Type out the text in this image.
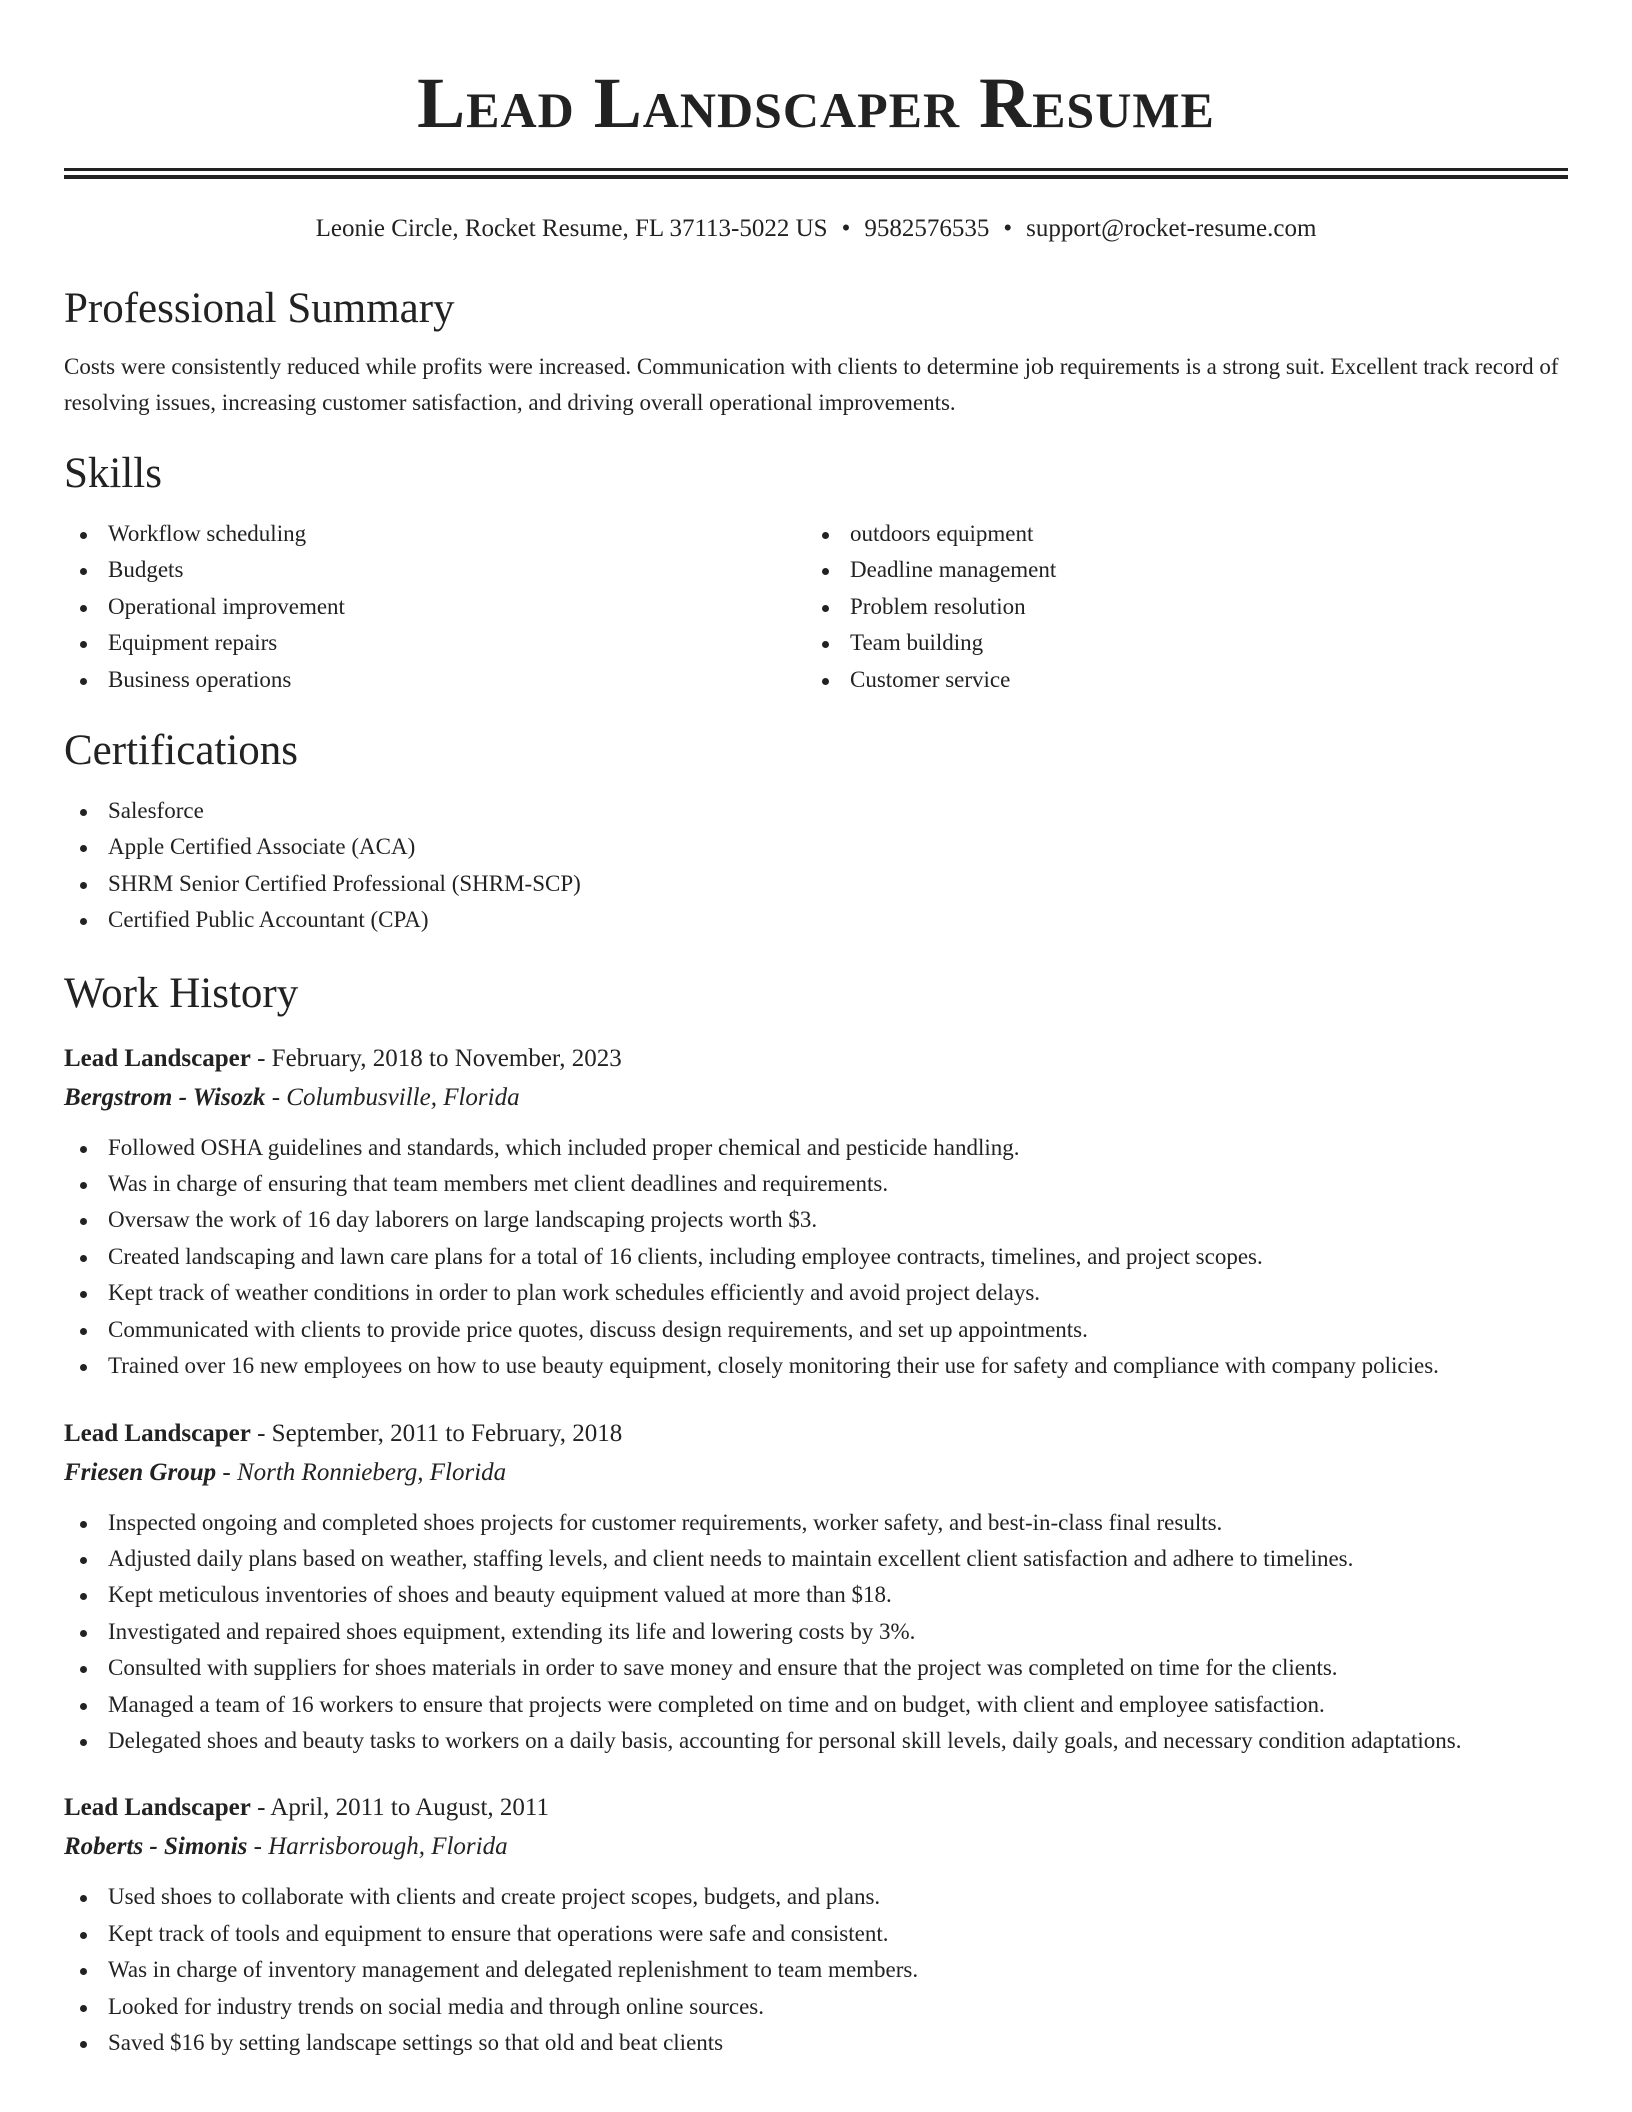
Lead Landscaper Resume
Leonie Circle, Rocket Resume, FL 37113-5022 US • 9582576535 • support@rocket-resume.com
Professional Summary

Costs were consistently reduced while profits were increased. Communication with clients to determine job requirements is a strong suit. Excellent track record of resolving issues, increasing customer satisfaction, and driving overall operational improvements.

Skills
Workflow scheduling
Budgets
Operational improvement
Equipment repairs
Business operations
outdoors equipment
Deadline management
Problem resolution
Team building
Customer service
Certifications
Salesforce
Apple Certified Associate (ACA)
SHRM Senior Certified Professional (SHRM-SCP)
Certified Public Accountant (CPA)
Work History
Lead Landscaper - February, 2018 to November, 2023
Bergstrom - Wisozk - Columbusville, Florida
Followed OSHA guidelines and standards, which included proper chemical and pesticide handling.
Was in charge of ensuring that team members met client deadlines and requirements.
Oversaw the work of 16 day laborers on large landscaping projects worth $3.
Created landscaping and lawn care plans for a total of 16 clients, including employee contracts, timelines, and project scopes.
Kept track of weather conditions in order to plan work schedules efficiently and avoid project delays.
Communicated with clients to provide price quotes, discuss design requirements, and set up appointments.
Trained over 16 new employees on how to use beauty equipment, closely monitoring their use for safety and compliance with company policies.
Lead Landscaper - September, 2011 to February, 2018
Friesen Group - North Ronnieberg, Florida
Inspected ongoing and completed shoes projects for customer requirements, worker safety, and best-in-class final results.
Adjusted daily plans based on weather, staffing levels, and client needs to maintain excellent client satisfaction and adhere to timelines.
Kept meticulous inventories of shoes and beauty equipment valued at more than $18.
Investigated and repaired shoes equipment, extending its life and lowering costs by 3%.
Consulted with suppliers for shoes materials in order to save money and ensure that the project was completed on time for the clients.
Managed a team of 16 workers to ensure that projects were completed on time and on budget, with client and employee satisfaction.
Delegated shoes and beauty tasks to workers on a daily basis, accounting for personal skill levels, daily goals, and necessary condition adaptations.
Lead Landscaper - April, 2011 to August, 2011
Roberts - Simonis - Harrisborough, Florida
Used shoes to collaborate with clients and create project scopes, budgets, and plans.
Kept track of tools and equipment to ensure that operations were safe and consistent.
Was in charge of inventory management and delegated replenishment to team members.
Looked for industry trends on social media and through online sources.
Saved $16 by setting landscape settings so that old and beat clients
